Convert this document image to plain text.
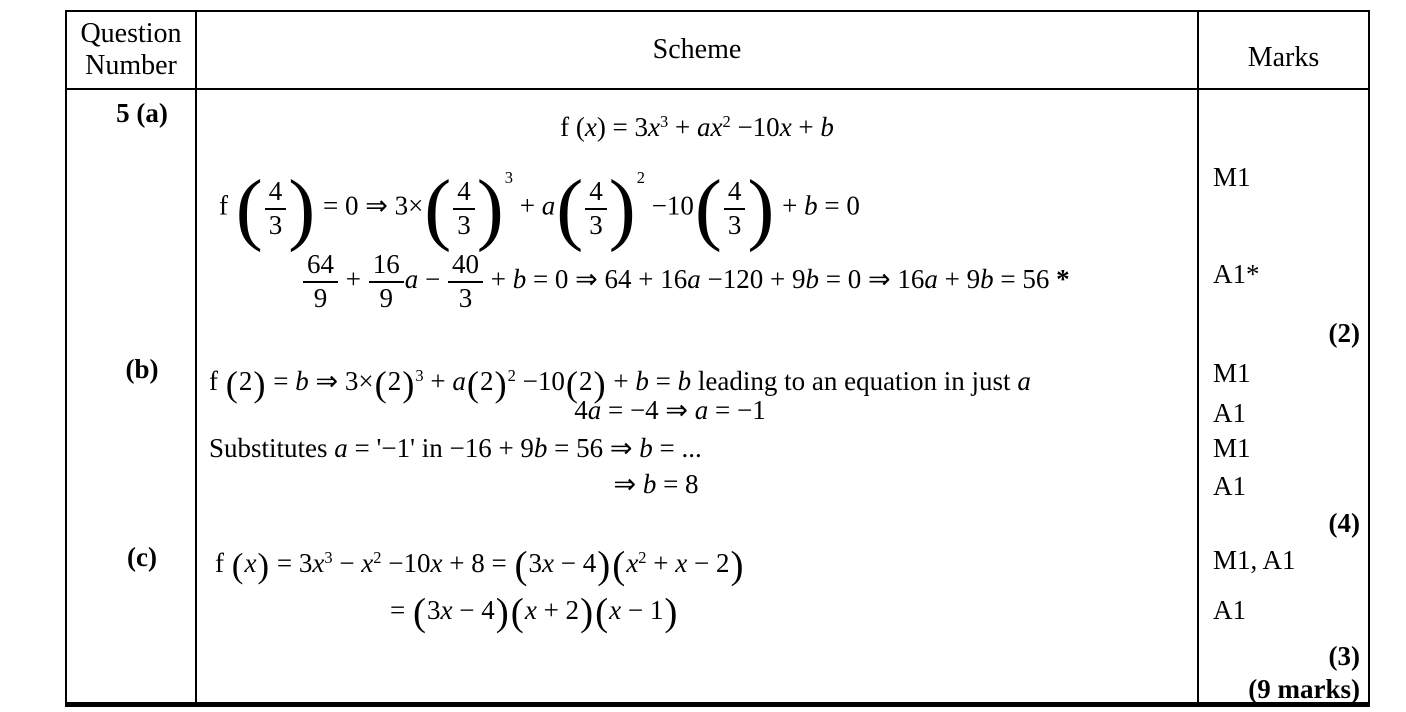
Question Number
Scheme	Marks
5 (a)
(b)
(c)
f $(x) = 3x^3 + ax^2 -10x + b$
f ( $\frac{4}{3}$ ) = 0 ⇒ $3\times( \frac{4}{3} )^3 + a( \frac{4}{3} )^2 -10( \frac{4}{3}$ ) + b = 0
$\frac{64}{9} + \frac{16}{9}$ $a - \frac{40}{3} + b = 0$ ⇒ 64 + 16a −120 + 9b = 0 ⇒ 16a + 9b = 56 *
f (2) = b ⇒ $3\times(2)^3 + a(2)^2 -10(2) + b = b$ leading to an equation in just a
4a = −4 ⇒ a = −1
Substitutes a = '−1' in −16 + 9b = 56 ⇒ b = ...
⇒ b = 8
f $(x) = 3x^3 - x^2 -10x + 8 = (3x - 4)(x^2 + x - 2)$
= (3x − 4)(x + 2)(x − 1)
M1
A1*
(2)
M1
A1
M1
A1
(4)
M1, A1
A1
(3)
(9 marks)
